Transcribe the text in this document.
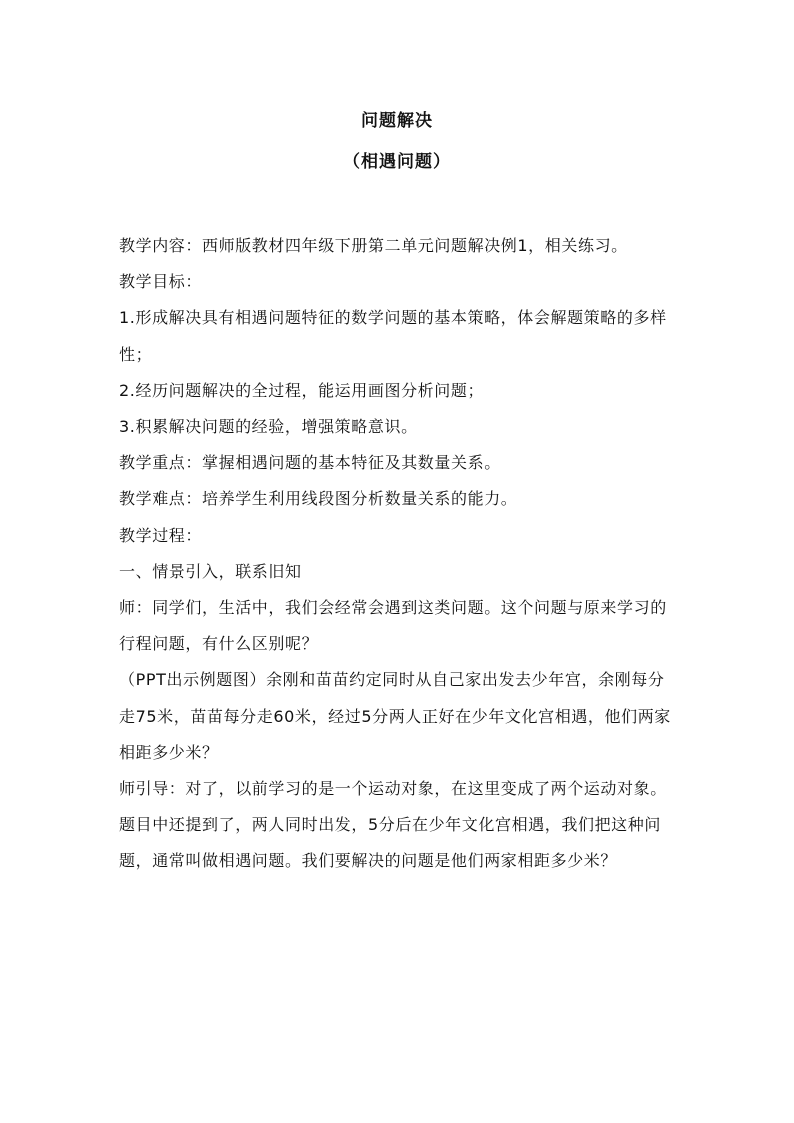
问题解决
（相遇问题）

教学内容：西师版教材四年级下册第二单元问题解决例1，相关练习。

教学目标：

1.形成解决具有相遇问题特征的数学问题的基本策略，体会解题策略的多样性；

2.经历问题解决的全过程，能运用画图分析问题；

3.积累解决问题的经验，增强策略意识。

教学重点：掌握相遇问题的基本特征及其数量关系。

教学难点：培养学生利用线段图分析数量关系的能力。

教学过程：

一、情景引入，联系旧知

师：同学们，生活中，我们会经常会遇到这类问题。这个问题与原来学习的行程问题，有什么区别呢？

（PPT出示例题图）余刚和苗苗约定同时从自己家出发去少年宫，余刚每分走75米，苗苗每分走60米，经过5分两人正好在少年文化宫相遇，他们两家相距多少米？

师引导：对了，以前学习的是一个运动对象，在这里变成了两个运动对象。题目中还提到了，两人同时出发，5分后在少年文化宫相遇，我们把这种问题，通常叫做相遇问题。我们要解决的问题是他们两家相距多少米？
